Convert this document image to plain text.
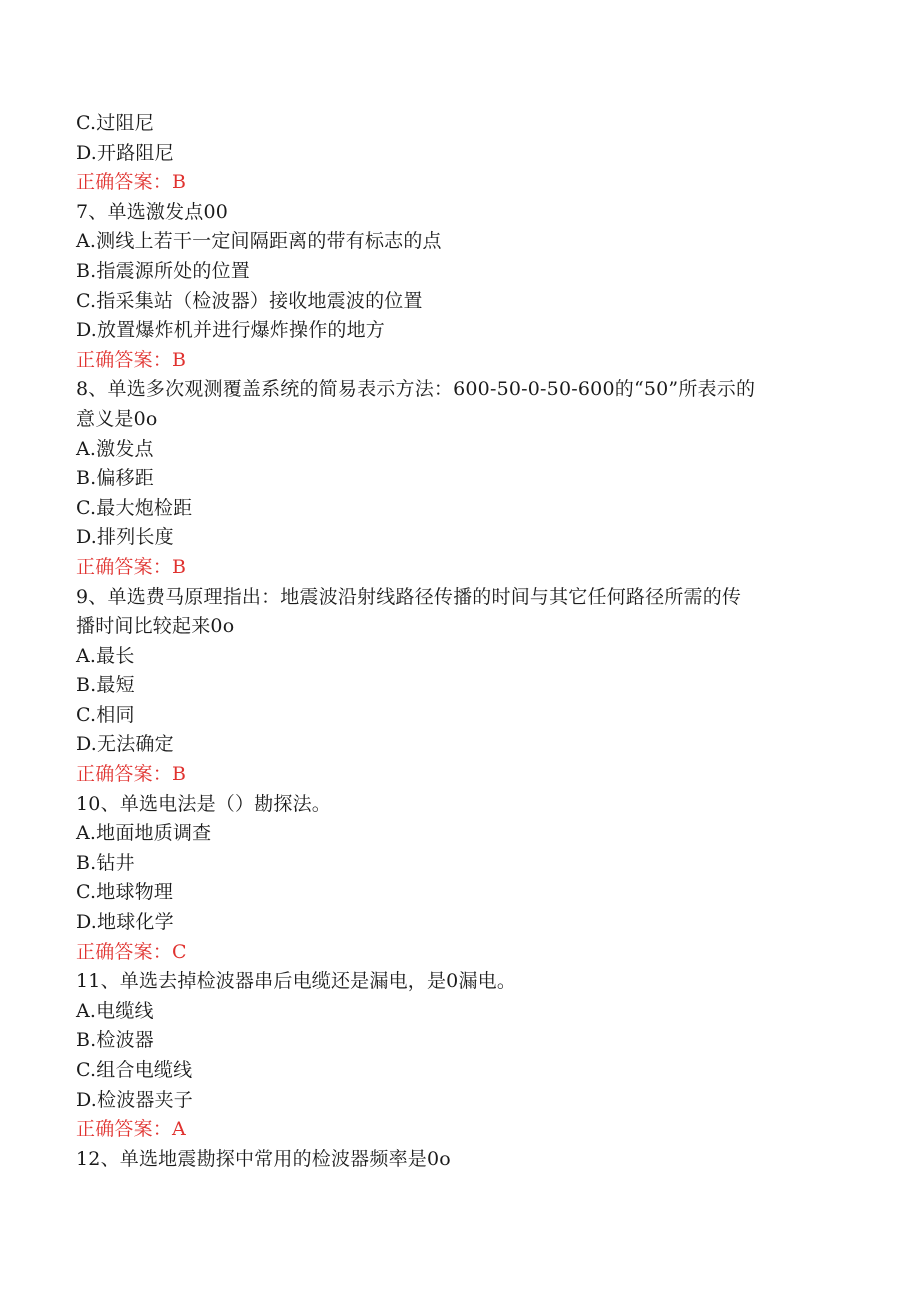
C.过阻尼
D.开路阻尼
正确答案：B
7、单选激发点00
A.测线上若干一定间隔距离的带有标志的点
B.指震源所处的位置
C.指采集站（检波器）接收地震波的位置
D.放置爆炸机并进行爆炸操作的地方
正确答案：B
8、单选多次观测覆盖系统的简易表示方法：600-50-0-50-600的“50”所表示的
意义是0o
A.激发点
B.偏移距
C.最大炮检距
D.排列长度
正确答案：B
9、单选费马原理指出：地震波沿射线路径传播的时间与其它任何路径所需的传
播时间比较起来0o
A.最长
B.最短
C.相同
D.无法确定
正确答案：B
10、单选电法是（）勘探法。
A.地面地质调查
B.钻井
C.地球物理
D.地球化学
正确答案：C
11、单选去掉检波器串后电缆还是漏电，是0漏电。
A.电缆线
B.检波器
C.组合电缆线
D.检波器夹子
正确答案：A
12、单选地震勘探中常用的检波器频率是0o
